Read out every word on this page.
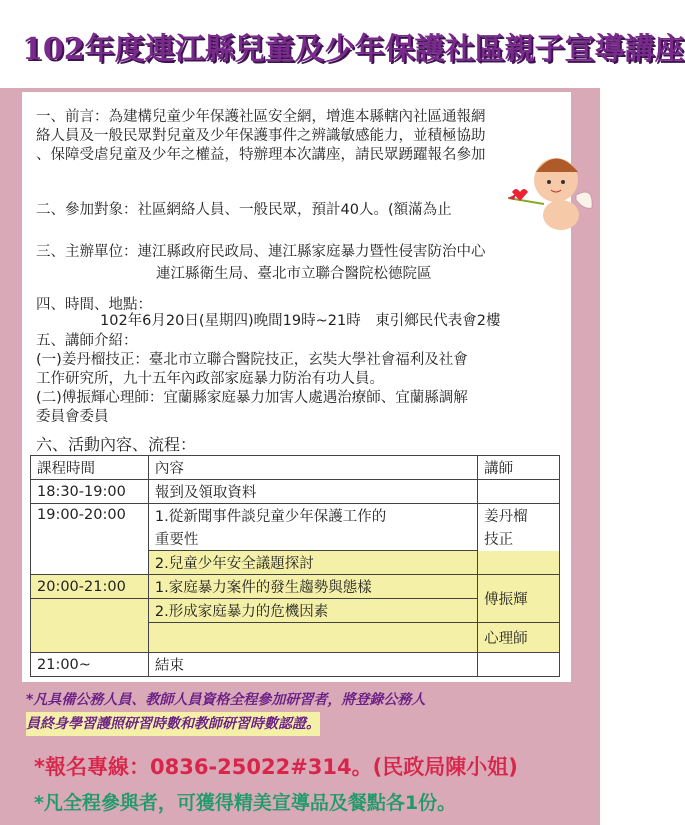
102年度連江縣兒童及少年保護社區親子宣導講座
一、前言：為建構兒童少年保護社區安全網，增進本縣轄內社區通報網
絡人員及一般民眾對兒童及少年保護事件之辨識敏感能力，並積極協助
、保障受虐兒童及少年之權益，特辦理本次講座，請民眾踴躍報名參加
二、參加對象：社區網絡人員、一般民眾，預計40人。(額滿為止
三、主辦單位：連江縣政府民政局、連江縣家庭暴力暨性侵害防治中心
連江縣衛生局、臺北市立聯合醫院松德院區
四、時間、地點：
102年6月20日(星期四)晚間19時~21時　東引鄉民代表會2樓
五、講師介紹：
(一)姜丹榴技正：臺北市立聯合醫院技正，玄奘大學社會福利及社會
工作研究所，九十五年內政部家庭暴力防治有功人員。
(二)傅振輝心理師：宜蘭縣家庭暴力加害人處遇治療師、宜蘭縣調解
委員會委員
六、活動內容、流程：
課程時間	內容	講師
18:30-19:00	報到及領取資料	
19:00-20:00	1.從新聞事件談兒童少年保護工作的	姜丹榴
	重要性	技正
	2.兒童少年安全議題探討	
20:00-21:00	1.家庭暴力案件的發生趨勢與態樣	傅振輝
	2.形成家庭暴力的危機因素	
		心理師
21:00~	結束	
*凡具備公務人員、教師人員資格全程參加研習者，將登錄公務人
員終身學習護照研習時數和教師研習時數認證。
*報名專線：0836-25022#314。(民政局陳小姐)
*凡全程參與者，可獲得精美宣導品及餐點各1份。
